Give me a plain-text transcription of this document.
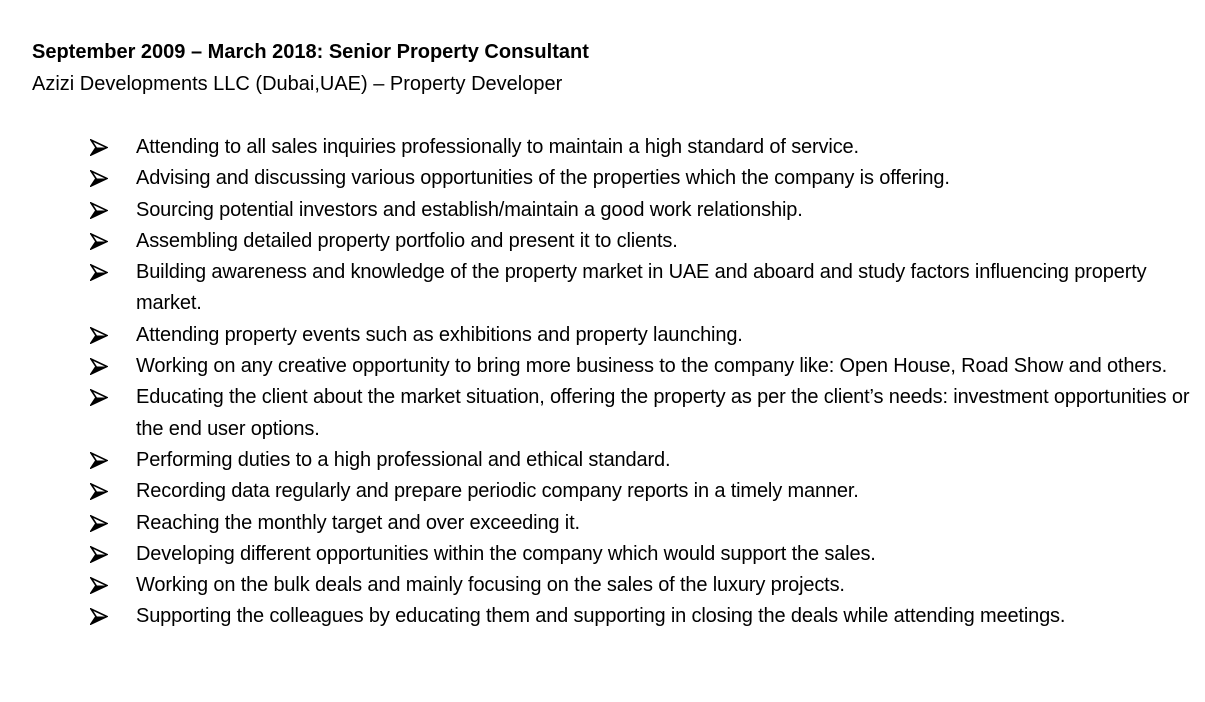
September 2009 – March 2018: Senior Property Consultant

Azizi Developments LLC (Dubai,UAE) – Property Developer

Attending to all sales inquiries professionally to maintain a high standard of service.
Advising and discussing various opportunities of the properties which the company is offering.
Sourcing potential investors and establish/maintain a good work relationship.
Assembling detailed property portfolio and present it to clients.
Building awareness and knowledge of the property market in UAE and aboard and study factors influencing property market.
Attending property events such as exhibitions and property launching.
Working on any creative opportunity to bring more business to the company like: Open House, Road Show and others.
Educating the client about the market situation, offering the property as per the client’s needs: investment opportunities or the end user options.
Performing duties to a high professional and ethical standard.
Recording data regularly and prepare periodic company reports in a timely manner.
Reaching the monthly target and over exceeding it.
Developing different opportunities within the company which would support the sales.
Working on the bulk deals and mainly focusing on the sales of the luxury projects.
Supporting the colleagues by educating them and supporting in closing the deals while attending meetings.
